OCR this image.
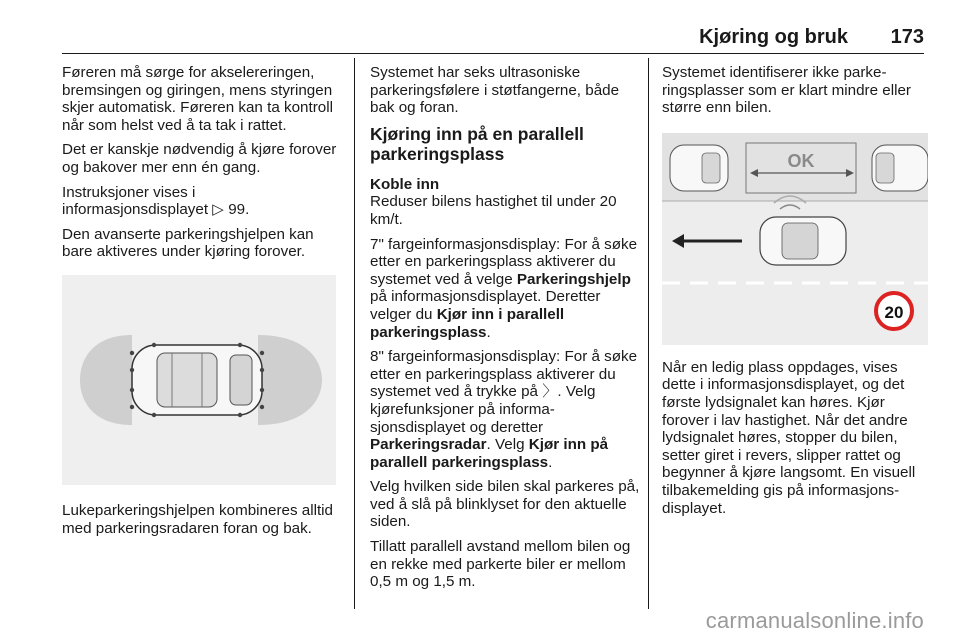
Kjøring og bruk 173

Føreren må sørge for akselereringen, bremsingen og giringen, mens styringen skjer automatisk. Føreren kan ta kontroll når som helst ved å ta tak i rattet.

Det er kanskje nødvendig å kjøre forover og bakover mer enn én gang.

Instruksjoner vises i informasjonsdisplayet ▷ 99.

Den avanserte parkeringshjelpen kan bare aktiveres under kjøring forover.

Lukeparkeringshjelpen kombineres alltid med parkeringsradaren foran og bak.

Systemet har seks ultrasoniske parkeringsfølere i støtfangerne, både bak og foran.

Kjøring inn på en parallell parkeringsplass

Koble inn

Reduser bilens hastighet til under 20 km/t.

7" fargeinformasjonsdisplay: For å søke etter en parkeringsplass aktiverer du systemet ved å velge Parkeringshjelp på informasjonsdisplayet. Deretter velger du Kjør inn i parallell parkeringsplass.

8" fargeinformasjonsdisplay: For å søke etter en parkeringsplass aktiverer du systemet ved å trykke på 〉. Velg kjørefunksjoner på informasjonsdisplayet og deretter Parkeringsradar. Velg Kjør inn på parallell parkeringsplass.

Velg hvilken side bilen skal parkeres på, ved å slå på blinklyset for den aktuelle siden.

Tillatt parallell avstand mellom bilen og en rekke med parkerte biler er mellom 0,5 m og 1,5 m.

Systemet identifiserer ikke parkeringsplasser som er klart mindre eller større enn bilen.

OK
20

Når en ledig plass oppdages, vises dette i informasjonsdisplayet, og det første lydsignalet kan høres. Kjør forover i lav hastighet. Når det andre lydsignalet høres, stopper du bilen, setter giret i revers, slipper rattet og begynner å kjøre langsomt. En visuell tilbakemelding gis på informasjonsdisplayet.

carmanualsonline.info
